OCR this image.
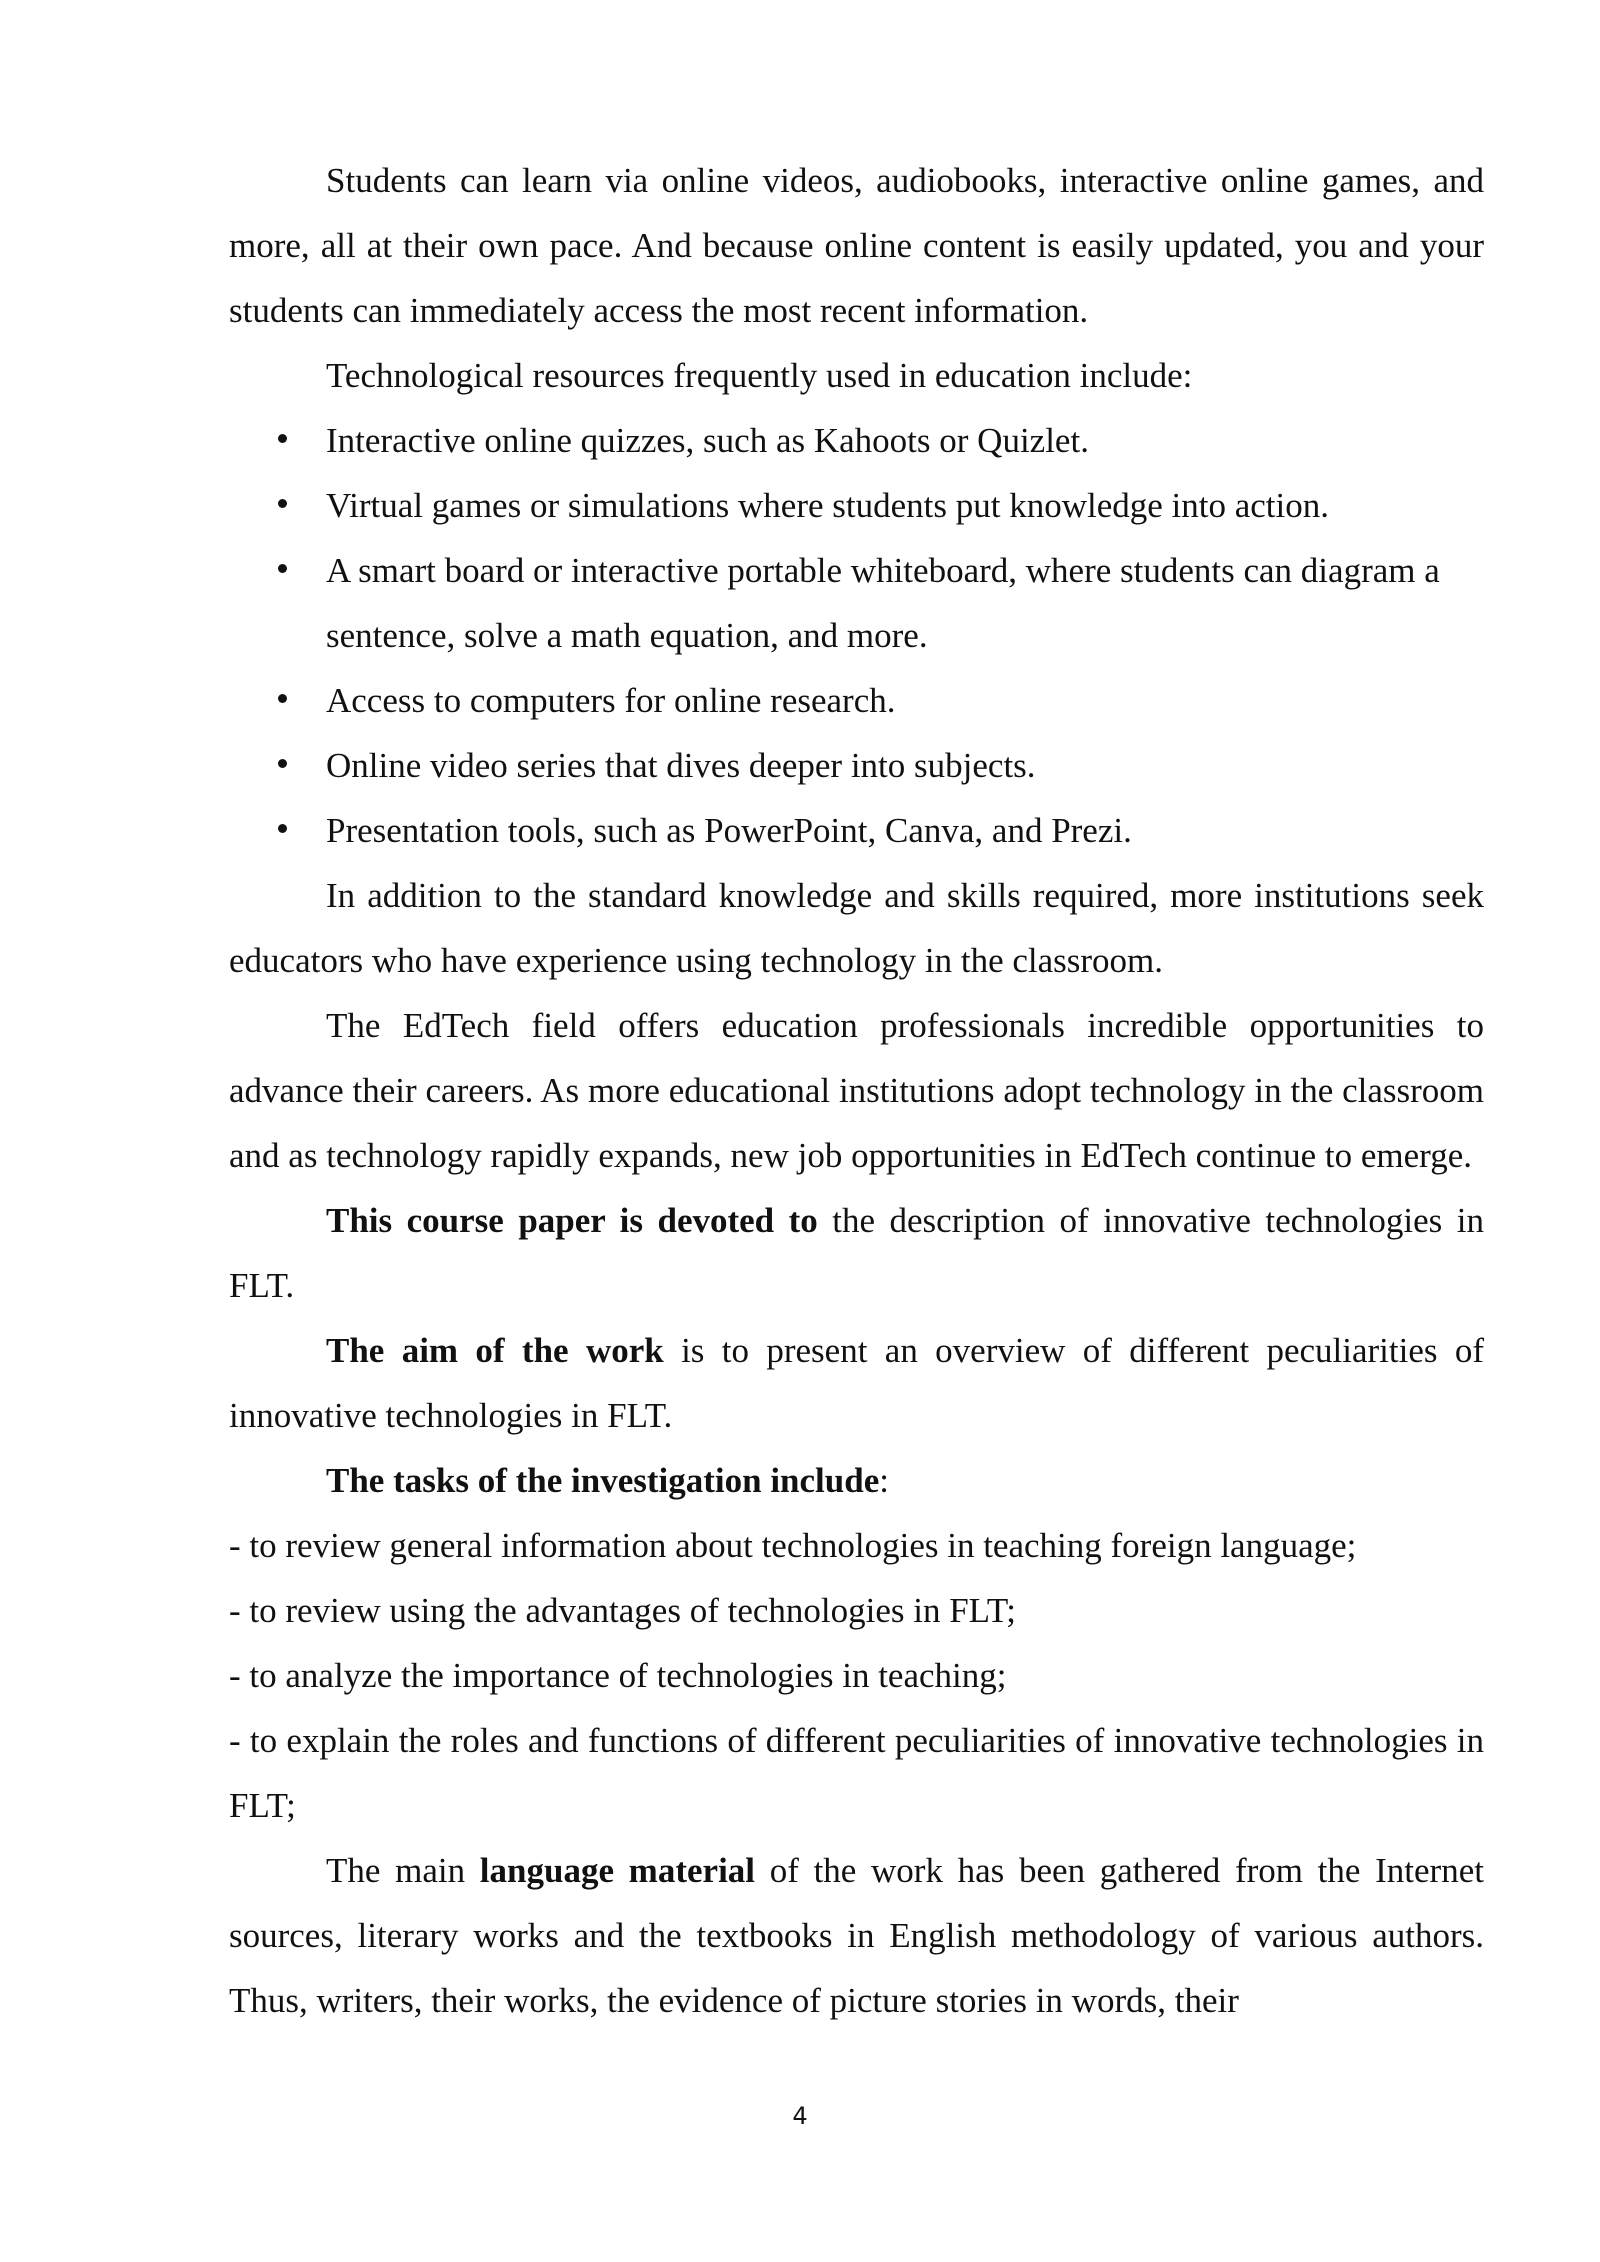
Students can learn via online videos, audiobooks, interactive online games, and more, all at their own pace. And because online content is easily updated, you and your students can immediately access the most recent information.

Technological resources frequently used in education include:

Interactive online quizzes, such as Kahoots or Quizlet.
Virtual games or simulations where students put knowledge into action.
A smart board or interactive portable whiteboard, where students can diagram a sentence, solve a math equation, and more.
Access to computers for online research.
Online video series that dives deeper into subjects.
Presentation tools, such as PowerPoint, Canva, and Prezi.

In addition to the standard knowledge and skills required, more institutions seek educators who have experience using technology in the classroom.

The EdTech field offers education professionals incredible opportunities to advance their careers. As more educational institutions adopt technology in the classroom and as technology rapidly expands, new job opportunities in EdTech continue to emerge.

This course paper is devoted to the description of innovative technologies in FLT.

The aim of the work is to present an overview of different peculiarities of innovative technologies in FLT.

The tasks of the investigation include:

- to review general information about technologies in teaching foreign language;

- to review using the advantages of technologies in FLT;

- to analyze the importance of technologies in teaching;

- to explain the roles and functions of different peculiarities of innovative technologies in FLT;

The main language material of the work has been gathered from the Internet sources, literary works and the textbooks in English methodology of various authors. Thus, writers, their works, the evidence of picture stories in words, their

4
